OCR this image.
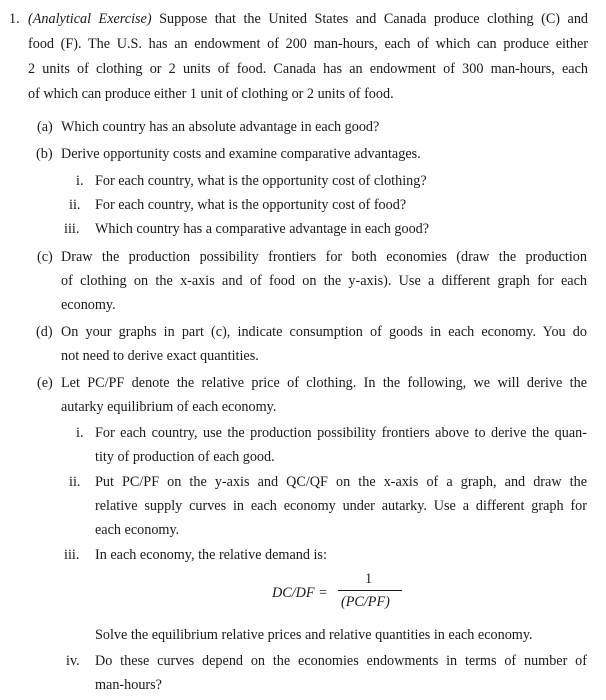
1. (Analytical Exercise) Suppose that the United States and Canada produce clothing (C) and
food (F). The U.S. has an endowment of 200 man-hours, each of which can produce either
2 units of clothing or 2 units of food. Canada has an endowment of 300 man-hours, each
of which can produce either 1 unit of clothing or 2 units of food.
(a) Which country has an absolute advantage in each good?
(b) Derive opportunity costs and examine comparative advantages.
i. For each country, what is the opportunity cost of clothing?
ii. For each country, what is the opportunity cost of food?
iii. Which country has a comparative advantage in each good?
(c) Draw the production possibility frontiers for both economies (draw the production
of clothing on the x-axis and of food on the y-axis). Use a different graph for each
economy.
(d) On your graphs in part (c), indicate consumption of goods in each economy. You do
not need to derive exact quantities.
(e) Let PC/PF denote the relative price of clothing. In the following, we will derive the
autarky equilibrium of each economy.
i. For each country, use the production possibility frontiers above to derive the quan-
tity of production of each good.
ii. Put PC/PF on the y-axis and QC/QF on the x-axis of a graph, and draw the
relative supply curves in each economy under autarky. Use a different graph for
each economy.
iii. In each economy, the relative demand is:
DC/DF =
1
(PC/PF)
Solve the equilibrium relative prices and relative quantities in each economy.
iv. Do these curves depend on the economies endowments in terms of number of
man-hours?
